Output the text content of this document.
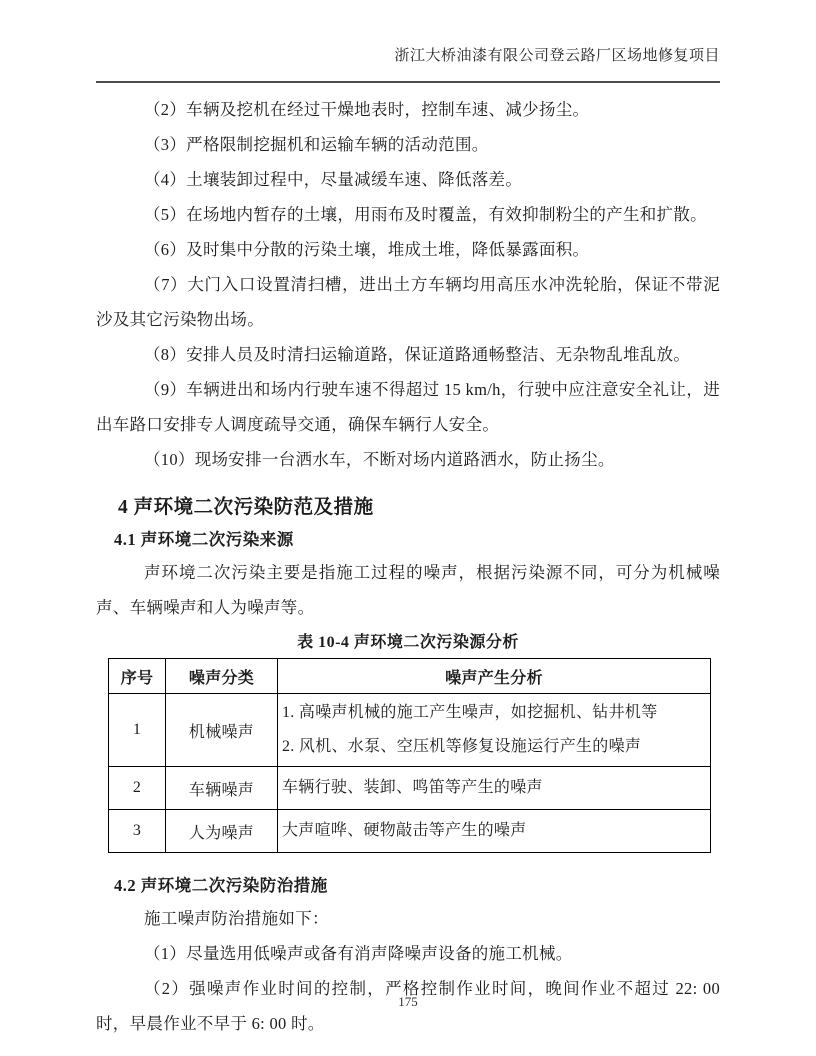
浙江大桥油漆有限公司登云路厂区场地修复项目

（2）车辆及挖机在经过干燥地表时，控制车速、减少扬尘。

（3）严格限制挖掘机和运输车辆的活动范围。

（4）土壤装卸过程中，尽量减缓车速、降低落差。

（5）在场地内暂存的土壤，用雨布及时覆盖，有效抑制粉尘的产生和扩散。

（6）及时集中分散的污染土壤，堆成土堆，降低暴露面积。

（7）大门入口设置清扫槽，进出土方车辆均用高压水冲洗轮胎，保证不带泥沙及其它污染物出场。

（8）安排人员及时清扫运输道路，保证道路通畅整洁、无杂物乱堆乱放。

（9）车辆进出和场内行驶车速不得超过 15 km/h，行驶中应注意安全礼让，进出车路口安排专人调度疏导交通，确保车辆行人安全。

（10）现场安排一台洒水车，不断对场内道路洒水，防止扬尘。

4 声环境二次污染防范及措施
4.1 声环境二次污染来源

声环境二次污染主要是指施工过程的噪声，根据污染源不同，可分为机械噪声、车辆噪声和人为噪声等。

表 10-4 声环境二次污染源分析

序号	噪声分类	噪声产生分析
1	机械噪声	1. 高噪声机械的施工产生噪声，如挖掘机、钻井机等

2. 风机、水泵、空压机等修复设施运行产生的噪声

2	车辆噪声	车辆行驶、装卸、鸣笛等产生的噪声

3	人为噪声	大声喧哗、硬物敲击等产生的噪声

4.2 声环境二次污染防治措施

施工噪声防治措施如下：

（1）尽量选用低噪声或备有消声降噪声设备的施工机械。

（2）强噪声作业时间的控制，严格控制作业时间，晚间作业不超过 22: 00 时，早晨作业不早于 6: 00 时。

175
